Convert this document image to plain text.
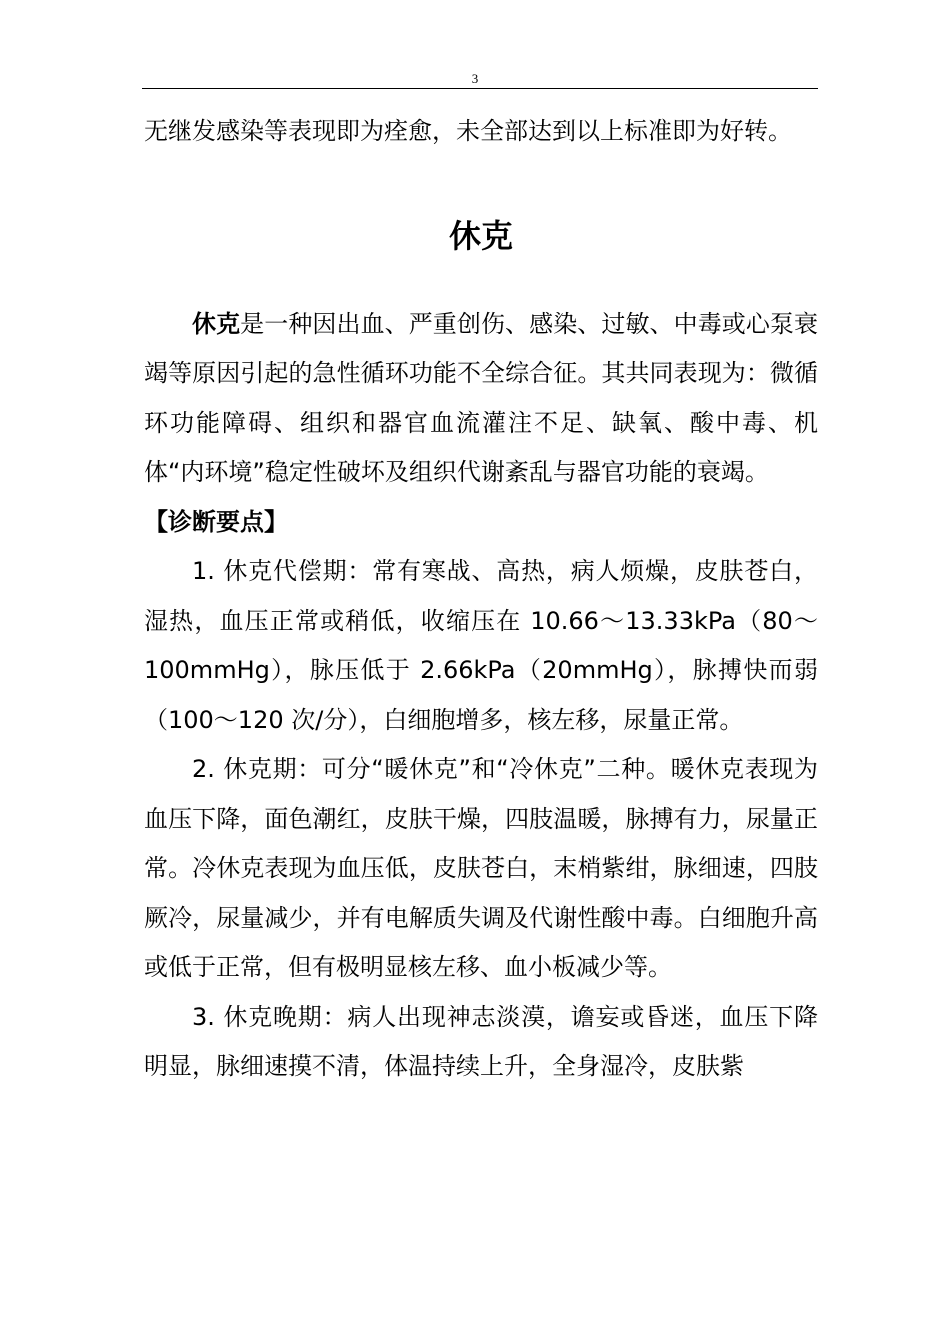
3

无继发感染等表现即为痊愈，未全部达到以上标准即为好转。

休克

休克是一种因出血、严重创伤、感染、过敏、中毒或心泵衰竭等原因引起的急性循环功能不全综合征。其共同表现为：微循环功能障碍、组织和器官血流灌注不足、缺氧、酸中毒、机体“内环境”稳定性破坏及组织代谢紊乱与器官功能的衰竭。

【诊断要点】

1. 休克代偿期：常有寒战、高热，病人烦燥，皮肤苍白，湿热，血压正常或稍低，收缩压在 10.66～13.33kPa（80～100mmHg），脉压低于 2.66kPa（20mmHg），脉搏快而弱（100～120 次/分），白细胞增多，核左移，尿量正常。

2. 休克期：可分“暖休克”和“冷休克”二种。暖休克表现为血压下降，面色潮红，皮肤干燥，四肢温暖，脉搏有力，尿量正常。冷休克表现为血压低，皮肤苍白，末梢紫绀，脉细速，四肢厥冷，尿量减少，并有电解质失调及代谢性酸中毒。白细胞升高或低于正常，但有极明显核左移、血小板减少等。

3. 休克晚期：病人出现神志淡漠，谵妄或昏迷，血压下降明显，脉细速摸不清，体温持续上升，全身湿冷，皮肤紫
